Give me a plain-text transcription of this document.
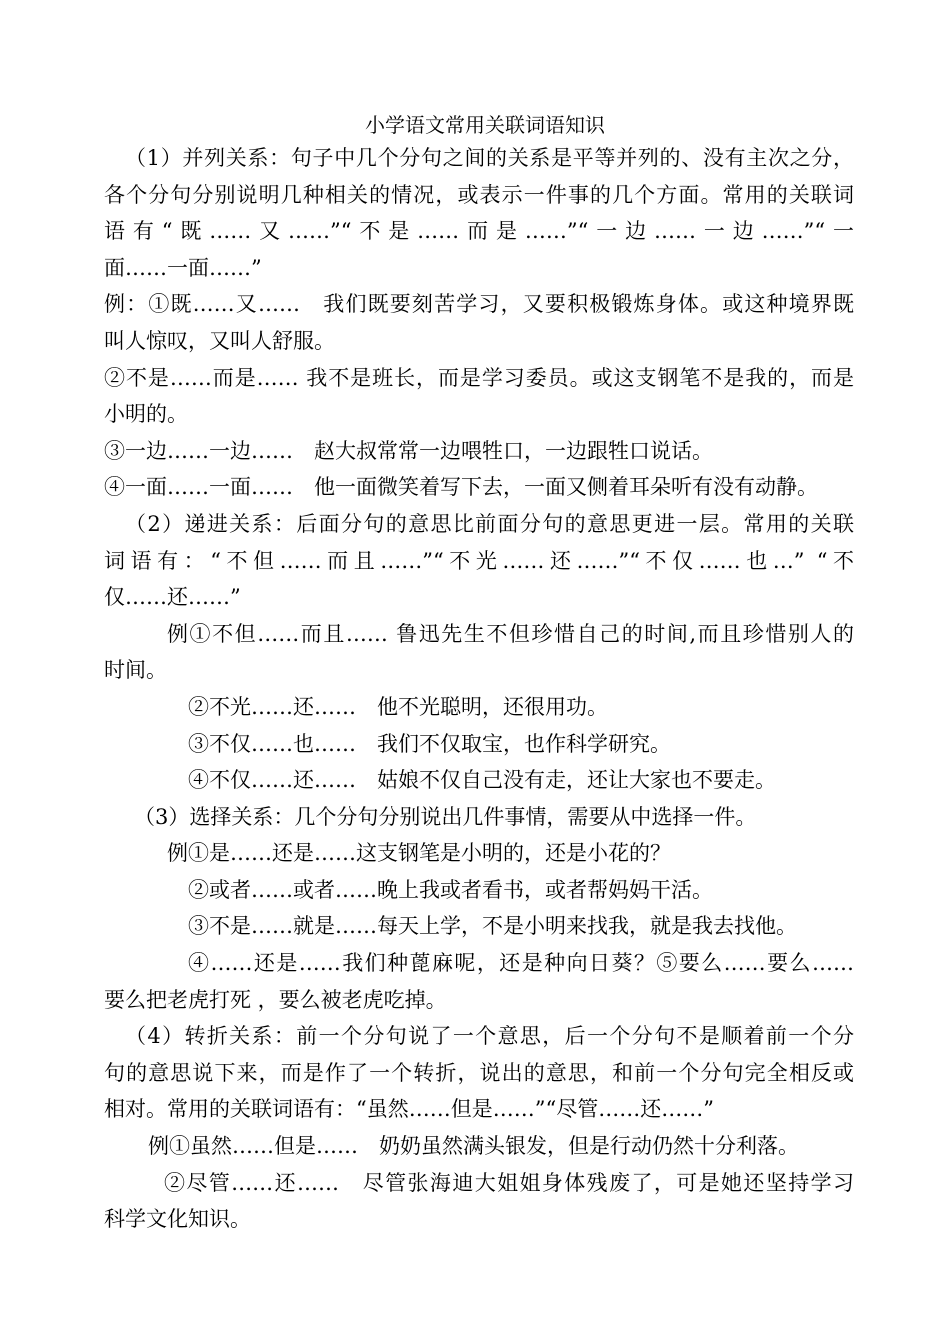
小学语文常用关联词语知识

（1）并列关系：句子中几个分句之间的关系是平等并列的、没有主次之分，

各个分句分别说明几种相关的情况，或表示一件事的几个方面。常用的关联词

语有“既……又……”“不是……而是……”“一边……一边……”“一

面……一面……”

例：①既……又……　我们既要刻苦学习，又要积极锻炼身体。或这种境界既

叫人惊叹，又叫人舒服。

②不是……而是…… 我不是班长，而是学习委员。或这支钢笔不是我的，而是

小明的。

③一边……一边……　赵大叔常常一边喂牲口，一边跟牲口说话。

④一面……一面……　他一面微笑着写下去，一面又侧着耳朵听有没有动静。

（2）递进关系：后面分句的意思比前面分句的意思更进一层。常用的关联

词语有：“不但……而且……”“不光……还……”“不仅……也…” “不

仅……还……”

例①不但……而且…… 鲁迅先生不但珍惜自己的时间,而且珍惜别人的

时间。

②不光……还……　他不光聪明，还很用功。

③不仅……也……　我们不仅取宝，也作科学研究。

④不仅……还……　姑娘不仅自己没有走，还让大家也不要走。

（3）选择关系：几个分句分别说出几件事情，需要从中选择一件。

例①是……还是……这支钢笔是小明的，还是小花的？

②或者……或者……晚上我或者看书，或者帮妈妈干活。

③不是……就是……每天上学，不是小明来找我，就是我去找他。

④……还是……我们种蓖麻呢，还是种向日葵？⑤要么……要么……

要么把老虎打死 ，要么被老虎吃掉。

（4）转折关系：前一个分句说了一个意思，后一个分句不是顺着前一个分

句的意思说下来，而是作了一个转折，说出的意思，和前一个分句完全相反或

相对。常用的关联词语有：“虽然……但是……”“尽管……还……”

例①虽然……但是……　奶奶虽然满头银发，但是行动仍然十分利落。

②尽管……还……　尽管张海迪大姐姐身体残废了，可是她还坚持学习

科学文化知识。
